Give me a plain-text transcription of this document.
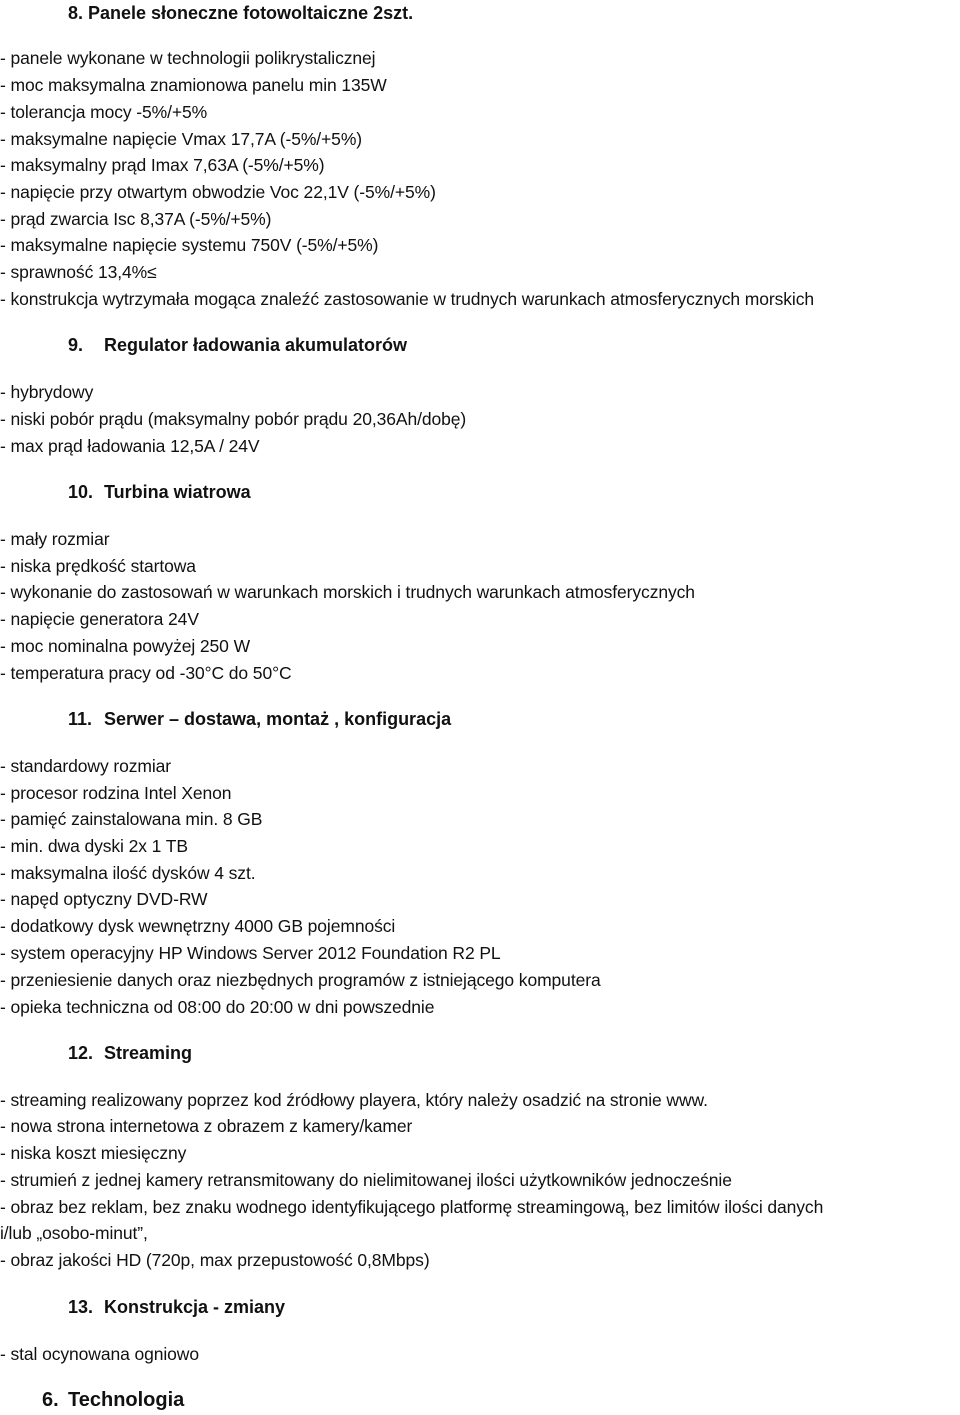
8. Panele słoneczne fotowoltaiczne 2szt.
- panele wykonane w technologii polikrystalicznej
- moc maksymalna znamionowa panelu min 135W
- tolerancja mocy -5%/+5%
- maksymalne napięcie Vmax 17,7A (-5%/+5%)
- maksymalny prąd Imax 7,63A (-5%/+5%)
- napięcie przy otwartym obwodzie Voc 22,1V (-5%/+5%)
- prąd zwarcia Isc 8,37A (-5%/+5%)
- maksymalne napięcie systemu 750V (-5%/+5%)
- sprawność 13,4%≤
- konstrukcja wytrzymała mogąca znaleźć zastosowanie w trudnych warunkach atmosferycznych morskich
9. Regulator ładowania akumulatorów
- hybrydowy
- niski pobór prądu (maksymalny pobór prądu 20,36Ah/dobę)
- max prąd ładowania 12,5A / 24V
10. Turbina wiatrowa
- mały rozmiar
- niska prędkość startowa
- wykonanie do zastosowań w warunkach morskich i trudnych warunkach atmosferycznych
- napięcie generatora 24V
- moc nominalna powyżej 250 W
- temperatura pracy od -30°C do 50°C
11. Serwer – dostawa, montaż , konfiguracja
- standardowy rozmiar
- procesor rodzina Intel Xenon
- pamięć zainstalowana min. 8 GB
- min. dwa dyski 2x 1 TB
- maksymalna ilość dysków 4 szt.
- napęd optyczny DVD-RW
- dodatkowy dysk wewnętrzny 4000 GB pojemności
- system operacyjny HP Windows Server 2012 Foundation R2 PL
- przeniesienie danych oraz niezbędnych programów z istniejącego komputera
- opieka techniczna od 08:00 do 20:00 w dni powszednie
12. Streaming
- streaming realizowany poprzez kod źródłowy playera, który należy osadzić na stronie www.
- nowa strona internetowa z obrazem z kamery/kamer
- niska koszt miesięczny
- strumień z jednej kamery retransmitowany do nielimitowanej ilości użytkowników jednocześnie
- obraz bez reklam, bez znaku wodnego identyfikującego platformę streamingową, bez limitów ilości danych
i/lub „osobo-minut”,
- obraz jakości HD (720p, max przepustowość 0,8Mbps)
13. Konstrukcja - zmiany
- stal ocynowana ogniowo
6. Technologia
